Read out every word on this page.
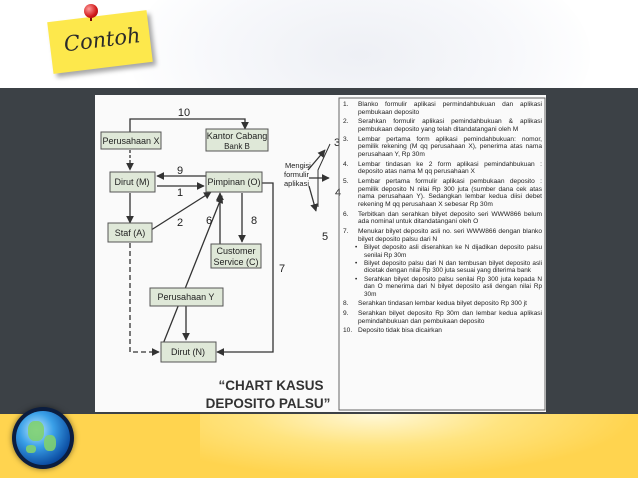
Contoh
Perusahaan X	Kantor Cabang
Bank B
Dirut (M)	Pimpinan (O)
Staf (A)
Customer
Service (C)
Perusahaan Y
Dirut (N)
Mengisi
formulir
aplikasi
10
9
1
2 6	8
7
3
4
5
“CHART KASUS
DEPOSITO PALSU”
1.	Blanko formulir aplikasi permindahbukuan dan aplikasi pembukaan deposito
2.	Serahkan formulir aplikasi pemindahbukuan & aplikasi pembukaan deposito yang telah ditandatangani oleh M
3.	Lembar pertama form aplikasi pemindahbukuan: nomor, pemilik rekening (M qq perusahaan X), penerima atas nama perusahaan Y, Rp 30m
4.	Lembar tindasan ke 2 form aplikasi pemindahbukuan : deposito atas nama M qq perusahaan X
5.	Lembar pertama formulir aplikasi pembukaan deposito : pemilik deposito N nilai Rp 300 juta (sumber dana cek atas nama perusahaan Y). Sedangkan lembar kedua diisi debet rekening M qq perusahaan X sebesar Rp 30m
6.	Terbitkan dan serahkan bilyet deposito seri WWW866 belum ada nominal untuk ditandatangani oleh O
7.	Menukar bilyet deposito asli no. seri WWW866 dengan blanko bilyet deposito palsu dari N
•	Bilyet deposito asli diserahkan ke N dijadikan deposito palsu senilai Rp 30m
•	Bilyet deposito palsu dari N dan tembusan bilyet deposito asli dicetak dengan nilai Rp 300 juta sesuai yang diterima bank
•	Serahkan bilyet deposito palsu senilai Rp 300 juta kepada N dan O menerima dari N bilyet deposito asli dengan nilai Rp 30m
8.	Serahkan tindasan lembar kedua bilyet deposito Rp 300 jt
9.	Serahkan bilyet deposito Rp 30m dan lembar kedua aplikasi pemindahbukuan dan pembukaan deposito
10. Deposito tidak bisa dicairkan
